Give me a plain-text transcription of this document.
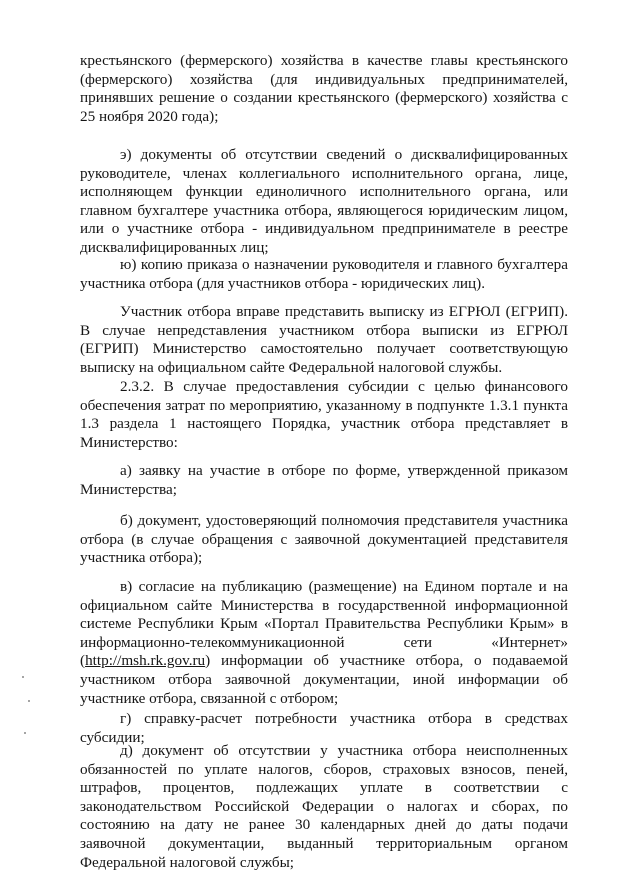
крестьянского (фермерского) хозяйства в качестве главы крестьянского (фермерского) хозяйства (для индивидуальных предпринимателей, принявших решение о создании крестьянского (фермерского) хозяйства с 25 ноября 2020 года);

э) документы об отсутствии сведений о дисквалифицированных руководителе, членах коллегиального исполнительного органа, лице, исполняющем функции единоличного исполнительного органа, или главном бухгалтере участника отбора, являющегося юридическим лицом, или о участнике отбора - индивидуальном предпринимателе в реестре дисквалифицированных лиц;

ю) копию приказа о назначении руководителя и главного бухгалтера участника отбора (для участников отбора - юридических лиц).

Участник отбора вправе представить выписку из ЕГРЮЛ (ЕГРИП). В случае непредставления участником отбора выписки из ЕГРЮЛ (ЕГРИП) Министерство самостоятельно получает соответствующую выписку на официальном сайте Федеральной налоговой службы.

2.3.2. В случае предоставления субсидии с целью финансового обеспечения затрат по мероприятию, указанному в подпункте 1.3.1 пункта 1.3 раздела 1 настоящего Порядка, участник отбора представляет в Министерство:

а) заявку на участие в отборе по форме, утвержденной приказом Министерства;

б) документ, удостоверяющий полномочия представителя участника отбора (в случае обращения с заявочной документацией представителя участника отбора);

в) согласие на публикацию (размещение) на Едином портале и на официальном сайте Министерства в государственной информационной системе Республики Крым «Портал Правительства Республики Крым» в информационно-телекоммуникационной сети «Интернет» (http://msh.rk.gov.ru) информации об участнике отбора, о подаваемой участником отбора заявочной документации, иной информации об участнике отбора, связанной с отбором;

г) справку-расчет потребности участника отбора в средствах субсидии;

д) документ об отсутствии у участника отбора неисполненных обязанностей по уплате налогов, сборов, страховых взносов, пеней, штрафов, процентов, подлежащих уплате в соответствии с законодательством Российской Федерации о налогах и сборах, по состоянию на дату не ранее 30 календарных дней до даты подачи заявочной документации, выданный территориальным органом Федеральной налоговой службы;
